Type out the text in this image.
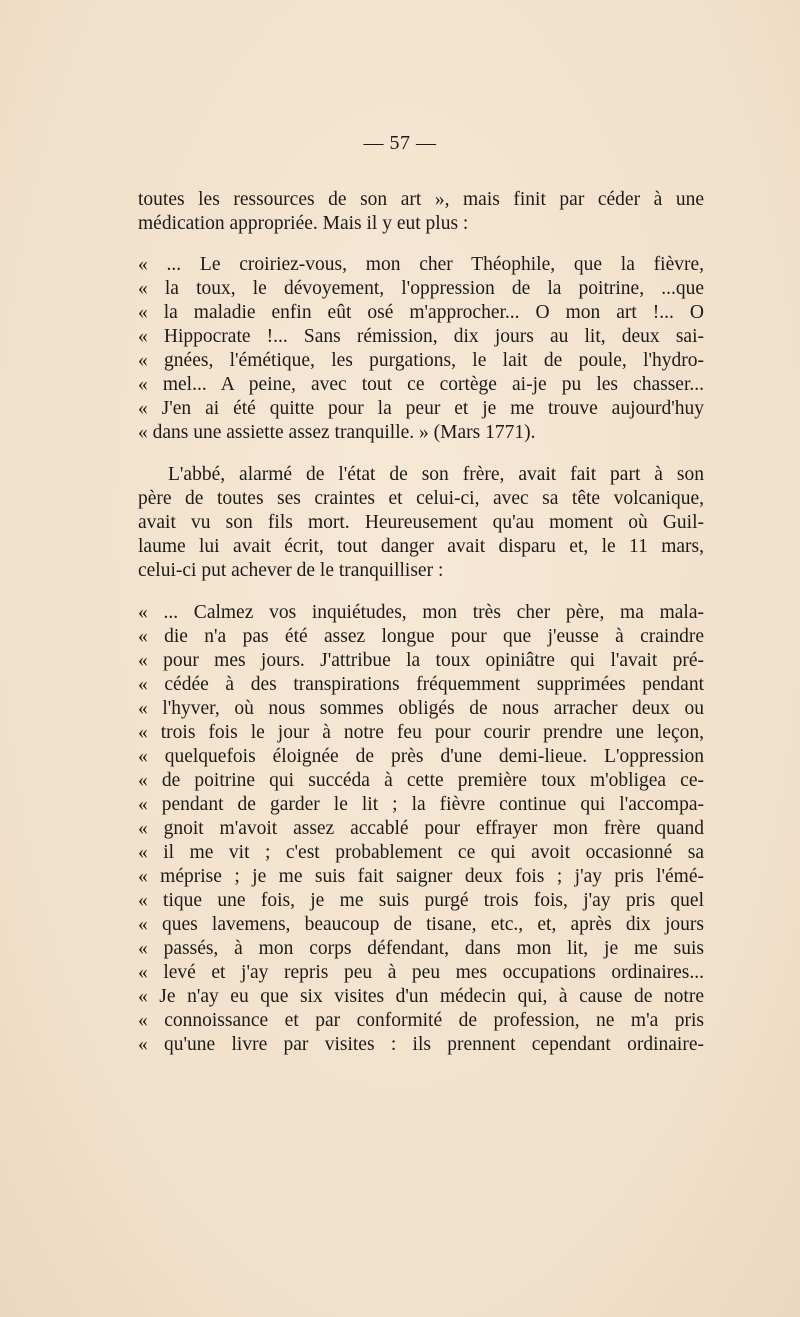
— 57 —
toutes les ressources de son art », mais finit par céder à une
médication appropriée. Mais il y eut plus :
« ... Le croiriez-vous, mon cher Théophile, que la fièvre,
« la toux, le dévoyement, l'oppression de la poitrine, ...que
« la maladie enfin eût osé m'approcher... O mon art !... O
« Hippocrate !... Sans rémission, dix jours au lit, deux sai-
« gnées, l'émétique, les purgations, le lait de poule, l'hydro-
« mel... A peine, avec tout ce cortège ai-je pu les chasser...
« J'en ai été quitte pour la peur et je me trouve aujourd'huy
« dans une assiette assez tranquille. » (Mars 1771).
L'abbé, alarmé de l'état de son frère, avait fait part à son
père de toutes ses craintes et celui-ci, avec sa tête volcanique,
avait vu son fils mort. Heureusement qu'au moment où Guil-
laume lui avait écrit, tout danger avait disparu et, le 11 mars,
celui-ci put achever de le tranquilliser :
« ... Calmez vos inquiétudes, mon très cher père, ma mala-
« die n'a pas été assez longue pour que j'eusse à craindre
« pour mes jours. J'attribue la toux opiniâtre qui l'avait pré-
« cédée à des transpirations fréquemment supprimées pendant
« l'hyver, où nous sommes obligés de nous arracher deux ou
« trois fois le jour à notre feu pour courir prendre une leçon,
« quelquefois éloignée de près d'une demi-lieue. L'oppression
« de poitrine qui succéda à cette première toux m'obligea ce-
« pendant de garder le lit ; la fièvre continue qui l'accompa-
« gnoit m'avoit assez accablé pour effrayer mon frère quand
« il me vit ; c'est probablement ce qui avoit occasionné sa
« méprise ; je me suis fait saigner deux fois ; j'ay pris l'émé-
« tique une fois, je me suis purgé trois fois, j'ay pris quel
« ques lavemens, beaucoup de tisane, etc., et, après dix jours
« passés, à mon corps défendant, dans mon lit, je me suis
« levé et j'ay repris peu à peu mes occupations ordinaires...
« Je n'ay eu que six visites d'un médecin qui, à cause de notre
« connoissance et par conformité de profession, ne m'a pris
« qu'une livre par visites : ils prennent cependant ordinaire-
